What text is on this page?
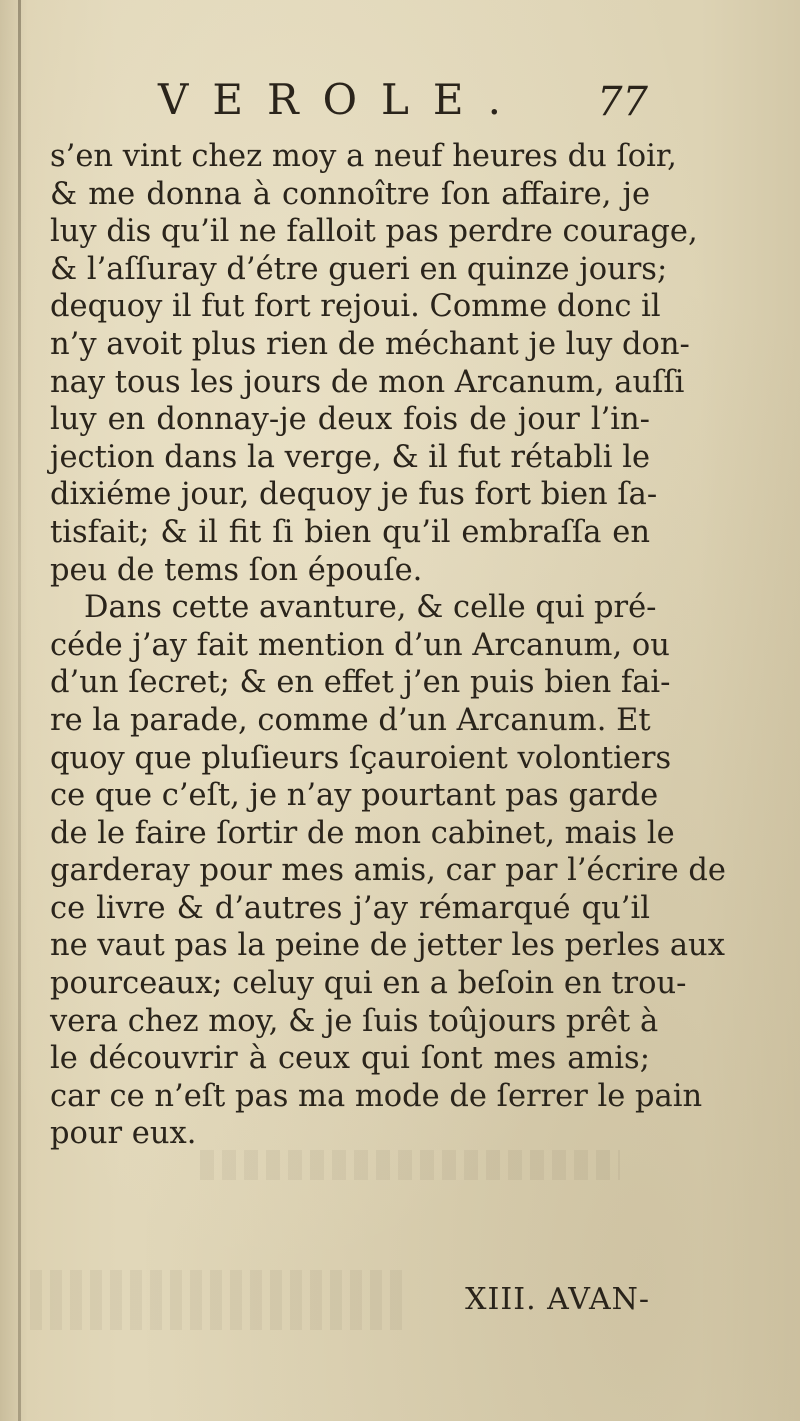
VEROLE. 77
s’en vint chez moy a neuf heures du ſoir,
& me donna à connoître ſon affaire, je
luy dis qu’il ne falloit pas perdre courage,
& l’aſſuray d’étre gueri en quinze jours;
dequoy il fut fort rejoui. Comme donc il
n’y avoit plus rien de méchant je luy don-
nay tous les jours de mon Arcanum, auſſi
luy en donnay-je deux fois de jour l’in-
jection dans la verge, & il fut rétabli le
dixiéme jour, dequoy je fus fort bien ſa-
tisfait; & il fit ſi bien qu’il embraſſa en
peu de tems ſon épouſe.
Dans cette avanture, & celle qui pré-
céde j’ay fait mention d’un Arcanum, ou
d’un ſecret; & en effet j’en puis bien fai-
re la parade, comme d’un Arcanum. Et
quoy que pluſieurs ſçauroient volontiers
ce que c’eſt, je n’ay pourtant pas garde
de le faire ſortir de mon cabinet, mais le
garderay pour mes amis, car par l’écrire de
ce livre & d’autres j’ay rémarqué qu’il
ne vaut pas la peine de jetter les perles aux
pourceaux; celuy qui en a beſoin en trou-
vera chez moy, & je ſuis toûjours prêt à
le découvrir à ceux qui ſont mes amis;
car ce n’eſt pas ma mode de ſerrer le pain
pour eux.
XIII. AVAN-
